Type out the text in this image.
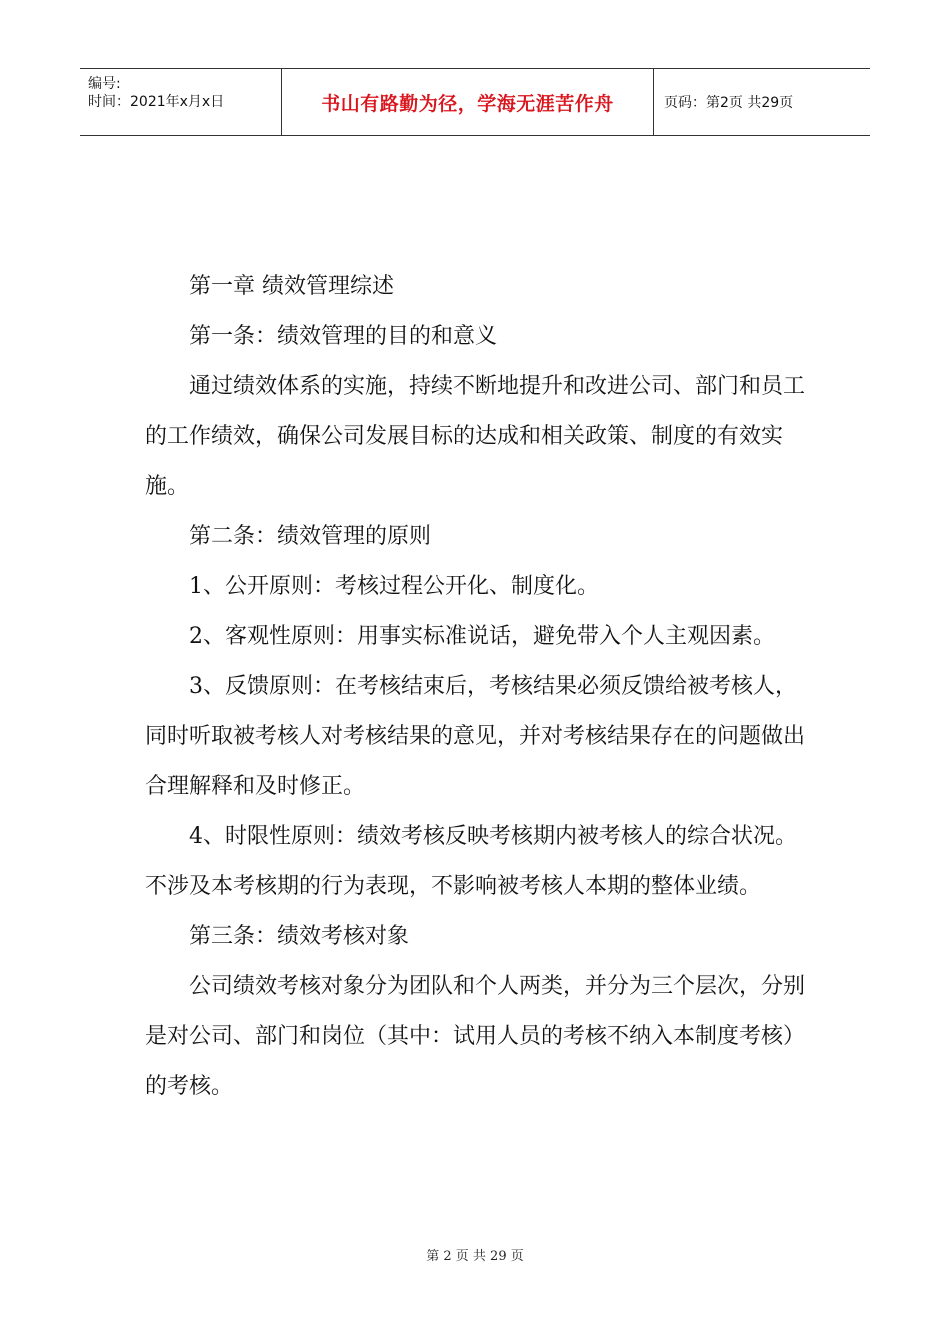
编号:
时间：2021年x月x日	书山有路勤为径，学海无涯苦作舟	页码：第2页 共29页

第一章 绩效管理综述

第一条：绩效管理的目的和意义

通过绩效体系的实施，持续不断地提升和改进公司、部门和员工的工作绩效，确保公司发展目标的达成和相关政策、制度的有效实施。

第二条：绩效管理的原则

1、公开原则：考核过程公开化、制度化。

2、客观性原则：用事实标准说话，避免带入个人主观因素。

3、反馈原则：在考核结束后，考核结果必须反馈给被考核人，同时听取被考核人对考核结果的意见，并对考核结果存在的问题做出合理解释和及时修正。

4、时限性原则：绩效考核反映考核期内被考核人的综合状况。不涉及本考核期的行为表现，不影响被考核人本期的整体业绩。

第三条：绩效考核对象

公司绩效考核对象分为团队和个人两类，并分为三个层次，分别是对公司、部门和岗位（其中：试用人员的考核不纳入本制度考核）的考核。

第 2 页 共 29 页
